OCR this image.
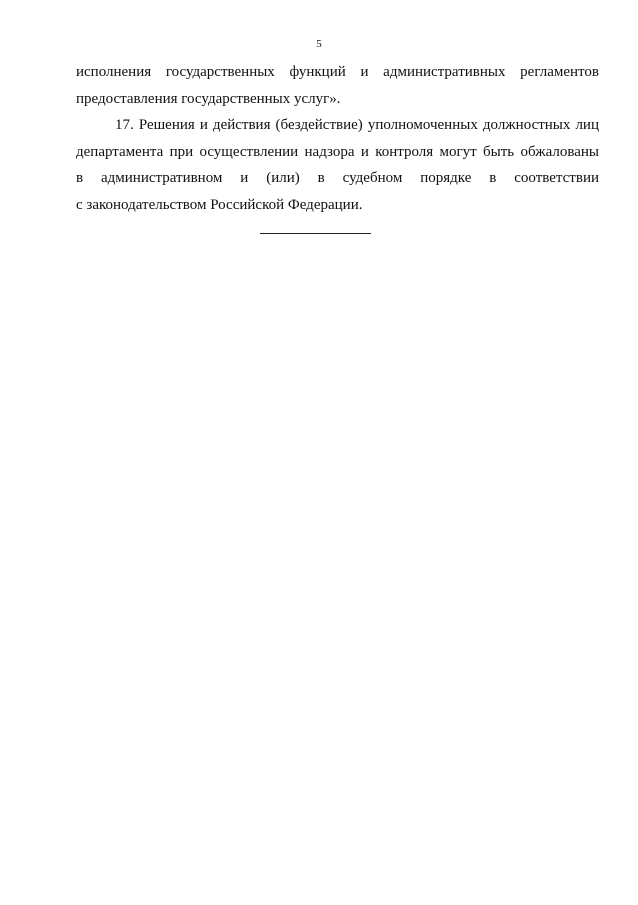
5
исполнения государственных функций и административных регламентов
предоставления государственных услуг».
17. Решения и действия (бездействие) уполномоченных должностных лиц
департамента при осуществлении надзора и контроля могут быть обжалованы
в административном и (или) в судебном порядке в соответствии
с законодательством Российской Федерации.
